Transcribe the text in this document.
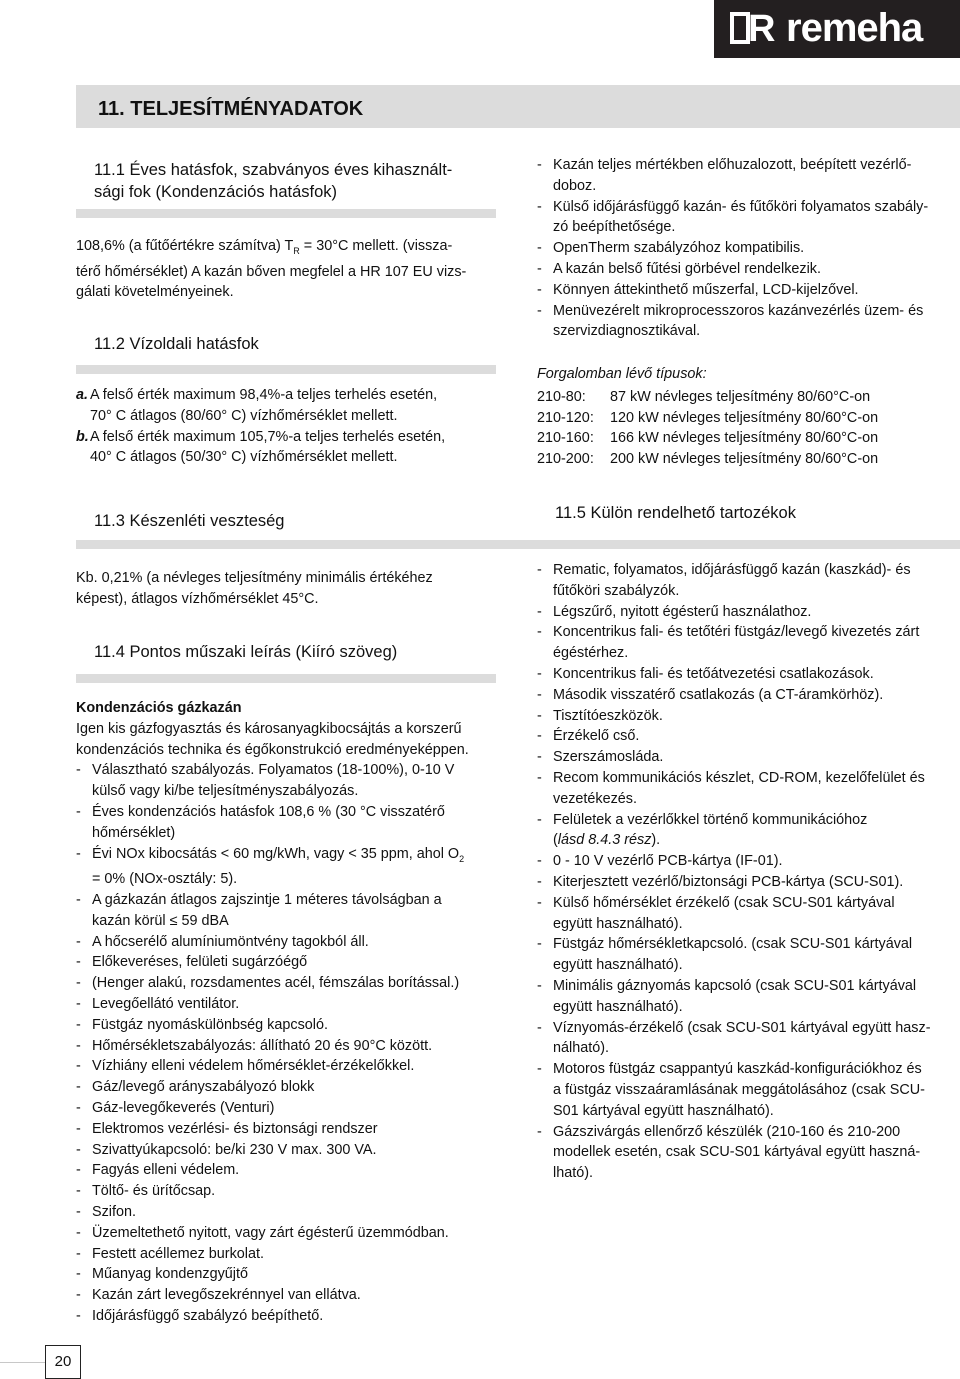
R remeha
11. TELJESÍTMÉNYADATOK
11.1 Éves hatásfok, szabványos éves kihasznált-
sági fok (Kondenzációs hatásfok)
108,6% (a fűtőértékre számítva) $T_R = 30^\circ C$ mellett. (vissza-
térő hőmérséklet) A kazán bőven megfelel a HR 107 EU vizs-
gálati követelményeinek.
11.2 Vízoldali hatásfok
a. A felső érték maximum 98,4%-a teljes terhelés esetén,
70° C átlagos (80/60° C) vízhőmérséklet mellett.
b. A felső érték maximum 105,7%-a teljes terhelés esetén,
40° C átlagos (50/30° C) vízhőmérséklet mellett.
11.3 Készenléti veszteség
Kb. 0,21% (a névleges teljesítmény minimális értékéhez
képest), átlagos vízhőmérséklet 45°C.
11.4 Pontos műszaki leírás (Kiíró szöveg)
Kondenzációs gázkazán
Igen kis gázfogyasztás és károsanyagkibocsájtás a korszerű
kondenzációs technika és égőkonstrukció eredményeképpen.
- Választható szabályozás. Folyamatos (18-100%), 0-10 V
külső vagy ki/be teljesítményszabályozás.
- Éves kondenzációs hatásfok 108,6 % (30 °C visszatérő
hőmérséklet)
- Évi NOx kibocsátás < 60 mg/kWh, vagy < 35 ppm, ahol $O_2$
= 0% (NOx-osztály: 5).
- A gázkazán átlagos zajszintje 1 méteres távolságban a
kazán körül ≤ 59 dBA
- A hőcserélő alumíniumöntvény tagokból áll.
- Előkeveréses, felületi sugárzóégő
- (Henger alakú, rozsdamentes acél, fémszálas borítással.)
- Levegőellátó ventilátor.
- Füstgáz nyomáskülönbség kapcsoló.
- Hőmérsékletszabályozás: állítható 20 és 90°C között.
- Vízhiány elleni védelem hőmérséklet-érzékelőkkel.
- Gáz/levegő arányszabályozó blokk
- Gáz-levegőkeverés (Venturi)
- Elektromos vezérlési- és biztonsági rendszer
- Szivattyúkapcsoló: be/ki 230 V max. 300 VA.
- Fagyás elleni védelem.
- Töltő- és ürítőcsap.
- Szifon.
- Üzemeltethető nyitott, vagy zárt égésterű üzemmódban.
- Festett acéllemez burkolat.
- Műanyag kondenzgyűjtő
- Kazán zárt levegőszekrénnyel van ellátva.
- Időjárásfüggő szabályzó beépíthető.
- Kazán teljes mértékben előhuzalozott, beépített vezérlő-
doboz.
- Külső időjárásfüggő kazán- és fűtőköri folyamatos szabály-
zó beépíthetősége.
- OpenTherm szabályzóhoz kompatibilis.
- A kazán belső fűtési görbével rendelkezik.
- Könnyen áttekinthető műszerfal, LCD-kijelzővel.
- Menüvezérelt mikroprocesszoros kazánvezérlés üzem- és
szervizdiagnosztikával.
Forgalomban lévő típusok:
210-80:	87 kW névleges teljesítmény 80/60°C-on
210-120:	120 kW névleges teljesítmény 80/60°C-on
210-160:	166 kW névleges teljesítmény 80/60°C-on
210-200:	200 kW névleges teljesítmény 80/60°C-on
11.5 Külön rendelhető tartozékok
- Rematic, folyamatos, időjárásfüggő kazán (kaszkád)- és
fűtőköri szabályzók.
- Légszűrő, nyitott égésterű használathoz.
- Koncentrikus fali- és tetőtéri füstgáz/levegő kivezetés zárt
égéstérhez.
- Koncentrikus fali- és tetőátvezetési csatlakozások.
- Második visszatérő csatlakozás (a CT-áramkörhöz).
- Tisztítóeszközök.
- Érzékelő cső.
- Szerszámosláda.
- Recom kommunikációs készlet, CD-ROM, kezelőfelület és
vezetékezés.
- Felületek a vezérlőkkel történő kommunikációhoz
(lásd 8.4.3 rész).
- 0 - 10 V vezérlő PCB-kártya (IF-01).
- Kiterjesztett vezérlő/biztonsági PCB-kártya (SCU-S01).
- Külső hőmérséklet érzékelő (csak SCU-S01 kártyával
együtt használható).
- Füstgáz hőmérsékletkapcsoló. (csak SCU-S01 kártyával
együtt használható).
- Minimális gáznyomás kapcsoló (csak SCU-S01 kártyával
együtt használható).
- Víznyomás-érzékelő (csak SCU-S01 kártyával együtt hasz-
nálható).
- Motoros füstgáz csappantyú kaszkád-konfigurációkhoz és
a füstgáz visszaáramlásának meggátolásához (csak SCU-
S01 kártyával együtt használható).
- Gázszivárgás ellenőrző készülék (210-160 és 210-200
modellek esetén, csak SCU-S01 kártyával együtt haszná-
lható).
20
